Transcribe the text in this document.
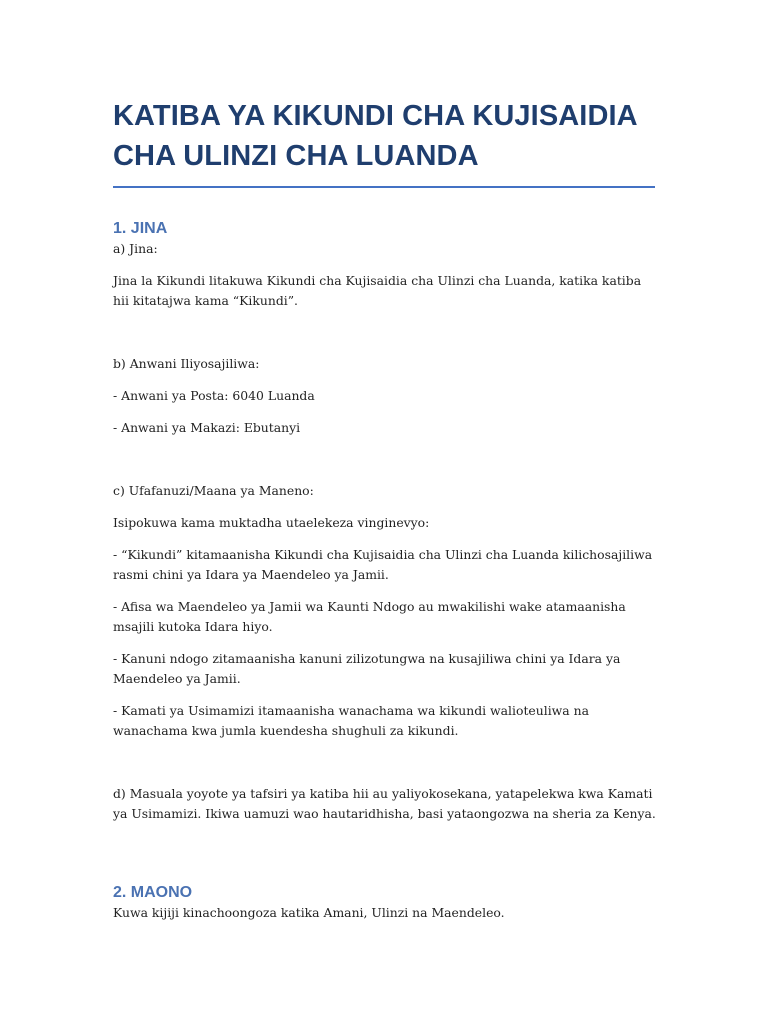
KATIBA YA KIKUNDI CHA KUJISAIDIA
CHA ULINZI CHA LUANDA
1. JINA

a) Jina:

Jina la Kikundi litakuwa Kikundi cha Kujisaidia cha Ulinzi cha Luanda, katika katiba hii kitatajwa kama “Kikundi”.

b) Anwani Iliyosajiliwa:

- Anwani ya Posta: 6040 Luanda

- Anwani ya Makazi: Ebutanyi

c) Ufafanuzi/Maana ya Maneno:

Isipokuwa kama muktadha utaelekeza vinginevyo:

- “Kikundi” kitamaanisha Kikundi cha Kujisaidia cha Ulinzi cha Luanda kilichosajiliwa rasmi chini ya Idara ya Maendeleo ya Jamii.

- Afisa wa Maendeleo ya Jamii wa Kaunti Ndogo au mwakilishi wake atamaanisha msajili kutoka Idara hiyo.

- Kanuni ndogo zitamaanisha kanuni zilizotungwa na kusajiliwa chini ya Idara ya Maendeleo ya Jamii.

- Kamati ya Usimamizi itamaanisha wanachama wa kikundi walioteuliwa na wanachama kwa jumla kuendesha shughuli za kikundi.

d) Masuala yoyote ya tafsiri ya katiba hii au yaliyokosekana, yatapelekwa kwa Kamati ya Usimamizi. Ikiwa uamuzi wao hautaridhisha, basi yataongozwa na sheria za Kenya.

2. MAONO

Kuwa kijiji kinachoongoza katika Amani, Ulinzi na Maendeleo.
